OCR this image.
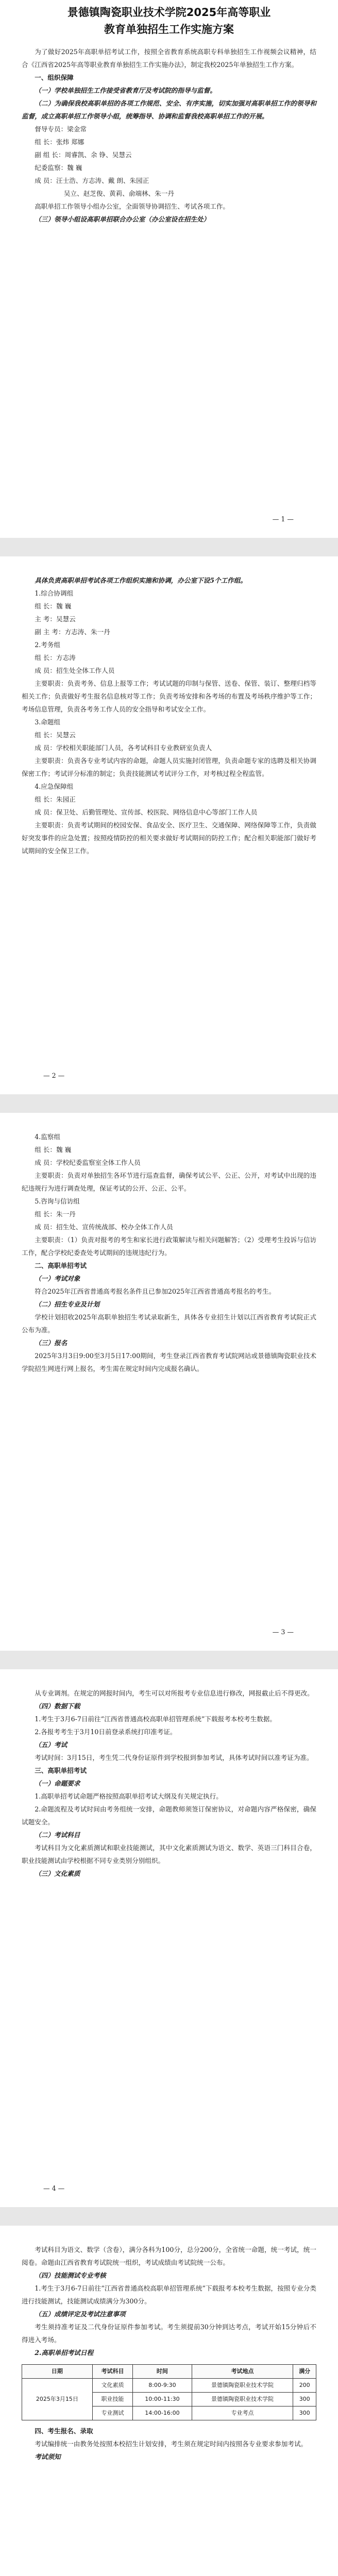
景德镇陶瓷职业技术学院2025年高等职业
教育单独招生工作实施方案

为了做好2025年高职单招考试工作，按照全省教育系统高职专科单独招生工作视频会议精神，结合《江西省2025年高等职业教育单独招生工作实施办法》，制定我校2025年单独招生工作方案。

一、组织保障

（一）学校单独招生工作接受省教育厅及考试院的指导与监督。

（二）为确保我校高职单招的各项工作规范、安全、有序实施，切实加强对高职单招工作的领导和监督，成立高职单招工作领导小组，统筹指导、协调和监督我校高职单招工作的开展。

督导专员：梁金常

组 长：张炜 郑娜

副 组 长：周睿凯、余 铮、吴慧云

纪委监察：魏 巍

成 员：汪士浩、方志涛、戴 朗、朱园正

吴立、赵芝俊、黄莉、俞端林、朱一丹

高职单招工作领导小组办公室，全面领导协调招生、考试各项工作。

（三）领导小组设高职单招联合办公室（办公室设在招生处）

— 1 —

具体负责高职单招考试各项工作组织实施和协调，办公室下设5个工作组。

1.综合协调组

组 长：魏 巍

主 考：吴慧云

副 主 考：方志涛、朱一丹

2.考务组

组 长：方志涛

成 员：招生处全体工作人员

主要职责：负责考务、信息上报等工作；考试试题的印制与保管、送卷、保管、装订、整理归档等相关工作；负责做好考生报名信息核对等工作；负责考场安排和各考场的布置及考场秩序维护等工作；考场信息管理，负责各考务工作人员的安全指导和考试安全工作。

3.命题组

组 长：吴慧云

成 员：学校相关职能部门人员，各考试科目专业教研室负责人

主要职责：负责各专业考试内容的命题，命题人员实施封闭管理，负责命题专家的选聘及相关协调保密工作；考试评分标准的制定；负责技能测试考试评分工作，对考核过程全程监管。

4.应急保障组

组 长：朱园正

成 员：保卫处、后勤管理处、宣传部、校医院、网络信息中心等部门工作人员

主要职责：负责考试期间的校园安保、食品安全、医疗卫生、交通保障、网络保障等工作，负责做好突发事件的应急处置；按照疫情防控的相关要求做好考试期间的防控工作；配合相关职能部门做好考试期间的安全保卫工作。

— 2 —

4.监察组

组 长：魏 巍

成 员：学校纪委监察室全体工作人员

主要职责：负责对单独招生各环节进行巡查监督，确保考试公平、公正、公开，对考试中出现的违纪违规行为进行调查处理，保证考试的公开、公正、公平。

5.咨询与信访组

组 长：朱一丹

成 员：招生处、宣传统战部、校办全体工作人员

主要职责：（1）负责对报考的考生和家长进行政策解读与相关问题解答；（2）受理考生投诉与信访工作，配合学校纪委查处考试期间的违规违纪行为。

二、高职单招考试

（一）考试对象

符合2025年江西省普通高考报名条件且已参加2025年江西省普通高考报名的考生。

（二）招生专业及计划

学校计划招收2025年高职单独招生考试录取新生，具体各专业招生计划以江西省教育考试院正式公布为准。

（三）报名

2025年3月3日9:00至3月5日17:00期间，考生登录江西省教育考试院网站或景德镇陶瓷职业技术学院招生网进行网上报名，考生需在规定时间内完成报名确认。

— 3 —

从专业调剂。在规定的网报时间内，考生可以对所报考专业信息进行修改，网报截止后不得更改。

（四）数据下载

1.考生于3月6-7日前往“江西省普通高校高职单招管理系统”下载报考本校考生数据。

2.各报考考生于3月10日前登录系统打印准考证。

（五）考试

考试时间：3月15日，考生凭二代身份证原件到学校报到参加考试，具体考试时间以准考证为准。

三、高职单招考试

（一）命题要求

1.高职单招考试命题严格按照高职单招考试大纲及有关规定执行。

2.命题流程及考试时间由考务组统一安排，命题教师须签订保密协议，对命题内容严格保密，确保试题安全。

（二）考试科目

考试科目为文化素质测试和职业技能测试，其中文化素质测试为语文、数学、英语三门科目合卷，职业技能测试由学校根据不同专业类别分别组织。

（三）文化素质

— 4 —

考试科目为语文、数学（含卷），满分各科为100分，总分200分，全省统一命题，统一考试，统一阅卷。命题由江西省教育考试院统一组织，考试成绩由考试院统一公布。

（四）技能测试专业考核

1.考生于3月6-7日前往“江西省普通高校高职单招管理系统”下载报考本校考生数据，按照专业分类进行技能测试，技能测试成绩满分为300分。

（五）成绩评定及考试注意事项

考生须持准考证及二代身份证原件参加考试。考生须提前30分钟到达考点，考试开始15分钟后不得进入考场。

2.高职单招考试日程

日期	考试科目	时间	考试地点	满分
2025年3月15日	文化素质	8:00-9:30	景德镇陶瓷职业技术学院	200
	职业技能	10:00-11:30	景德镇陶瓷职业技术学院	300
	专业测试	14:00-16:00	专业考点	300

四、考生报名、录取

考试编排统一由教务处按照本校招生计划安排，考生须在规定时间内按照各专业要求参加考试。

考试须知
